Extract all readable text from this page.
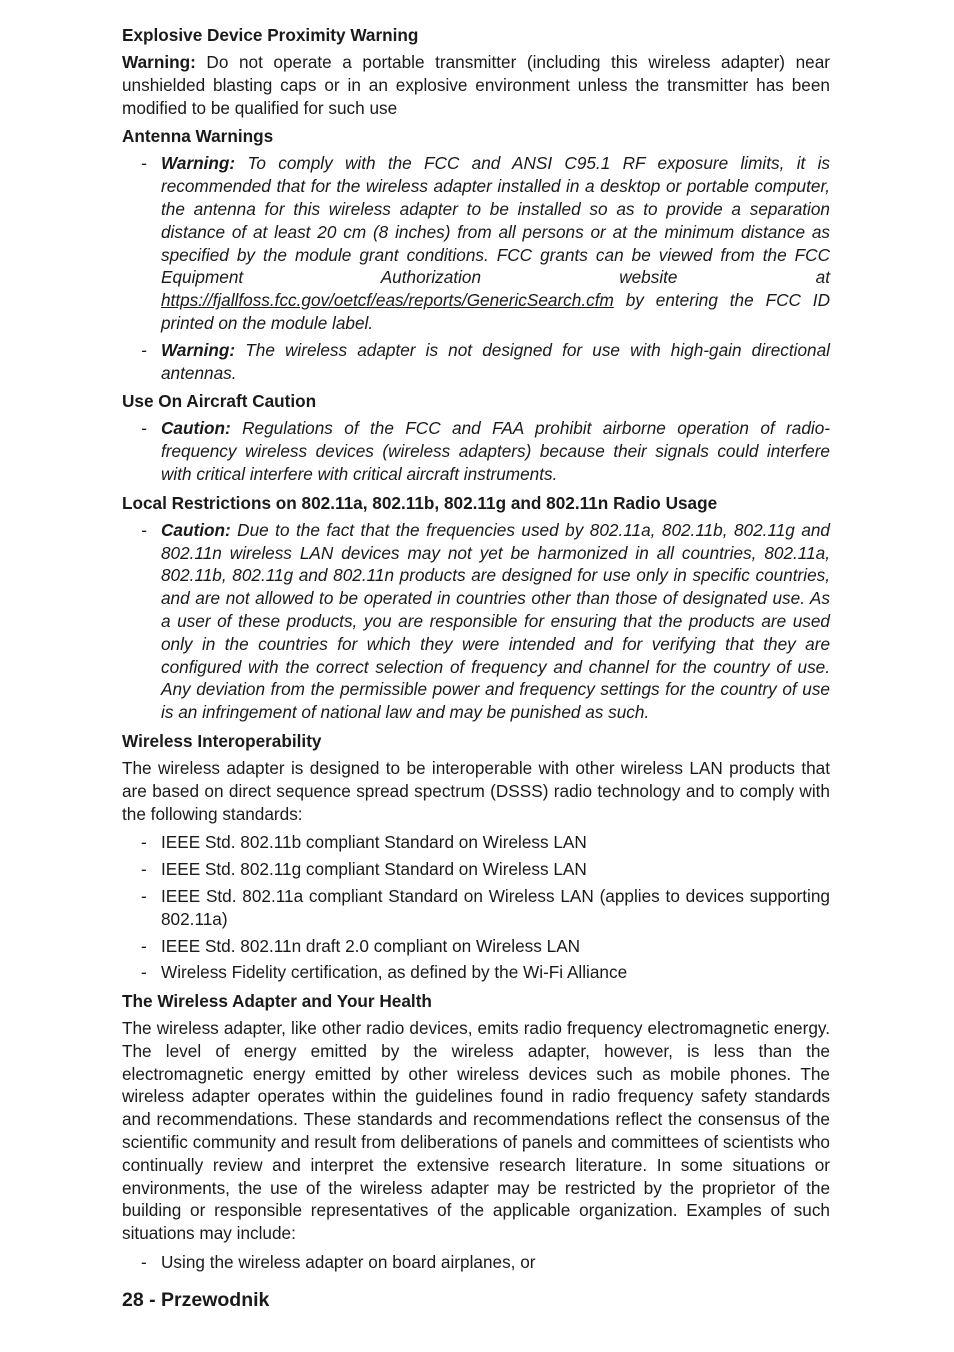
Explosive Device Proximity Warning
Warning: Do not operate a portable transmitter (including this wireless adapter) near unshielded blasting caps or in an explosive environment unless the transmitter has been modified to be qualified for such use
Antenna Warnings
- Warning: To comply with the FCC and ANSI C95.1 RF exposure limits, it is recommended that for the wireless adapter installed in a desktop or portable computer, the antenna for this wireless adapter to be installed so as to provide a separation distance of at least 20 cm (8 inches) from all persons or at the minimum distance as specified by the module grant conditions. FCC grants can be viewed from the FCC Equipment Authorization website at https://fjallfoss.fcc.gov/oetcf/eas/reports/GenericSearch.cfm by entering the FCC ID printed on the module label.
- Warning: The wireless adapter is not designed for use with high-gain directional antennas.
Use On Aircraft Caution
- Caution: Regulations of the FCC and FAA prohibit airborne operation of radio-frequency wireless devices (wireless adapters) because their signals could interfere with critical interfere with critical aircraft instruments.
Local Restrictions on 802.11a, 802.11b, 802.11g and 802.11n Radio Usage
- Caution: Due to the fact that the frequencies used by 802.11a, 802.11b, 802.11g and 802.11n wireless LAN devices may not yet be harmonized in all countries, 802.11a, 802.11b, 802.11g and 802.11n products are designed for use only in specific countries, and are not allowed to be operated in countries other than those of designated use. As a user of these products, you are responsible for ensuring that the products are used only in the countries for which they were intended and for verifying that they are configured with the correct selection of frequency and channel for the country of use. Any deviation from the permissible power and frequency settings for the country of use is an infringement of national law and may be punished as such.
Wireless Interoperability
The wireless adapter is designed to be interoperable with other wireless LAN products that are based on direct sequence spread spectrum (DSSS) radio technology and to comply with the following standards:
- IEEE Std. 802.11b compliant Standard on Wireless LAN
- IEEE Std. 802.11g compliant Standard on Wireless LAN
- IEEE Std. 802.11a compliant Standard on Wireless LAN (applies to devices supporting 802.11a)
- IEEE Std. 802.11n draft 2.0 compliant on Wireless LAN
- Wireless Fidelity certification, as defined by the Wi-Fi Alliance
The Wireless Adapter and Your Health
The wireless adapter, like other radio devices, emits radio frequency electromagnetic energy. The level of energy emitted by the wireless adapter, however, is less than the electromagnetic energy emitted by other wireless devices such as mobile phones. The wireless adapter operates within the guidelines found in radio frequency safety standards and recommendations. These standards and recommendations reflect the consensus of the scientific community and result from deliberations of panels and committees of scientists who continually review and interpret the extensive research literature. In some situations or environments, the use of the wireless adapter may be restricted by the proprietor of the building or responsible representatives of the applicable organization. Examples of such situations may include:
- Using the wireless adapter on board airplanes, or
28 - Przewodnik
